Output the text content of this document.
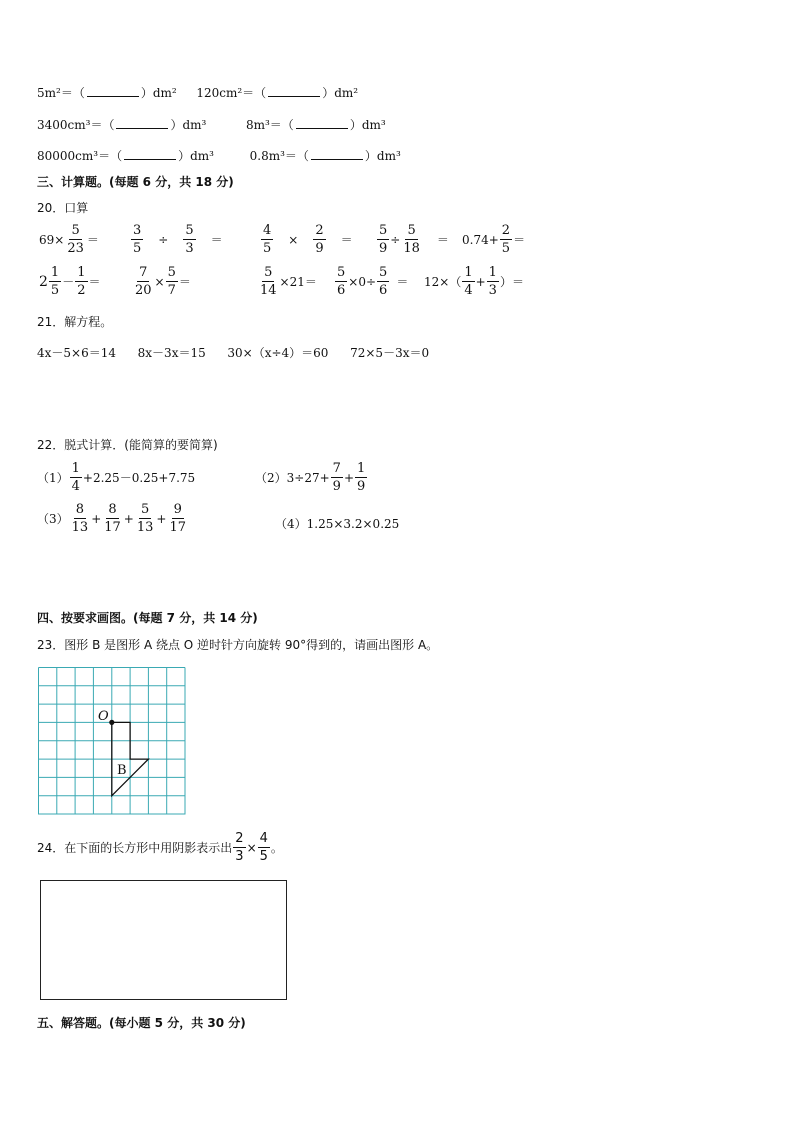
5m²＝（	）dm² 120cm²＝（	）dm²
3400cm³＝（	）dm³	8m³＝（	）dm³
80000cm³＝（	）dm³	0.8m³＝（	）dm³
三、计算题。(每题 6 分，共 18 分)
20．口算
$69\times \frac{5}{23} = \frac{3}{5} \div \frac{5}{3}$ ＝	$\frac{4}{5} \times \frac{2}{9} = \frac{5}{9} \div \frac{5}{18} = 0.74+ \frac{2}{5}$ ＝
$2 \frac{1}{5} - \frac{1}{2} = \frac{7}{20} \times \frac{5}{7}$ ＝	$\frac{5}{14} \times 21= \frac{5}{6} \times 0\div \frac{5}{6} = 12\times( \frac{1}{4} + \frac{1}{3}$ ）＝
21．解方程。
4x－5×6＝14 8x－3x＝15 30×（x÷4）＝60 72×5－3x＝0
22．脱式计算．(能简算的要简算)
$(1) \frac{1}{4} +2.25-0.25+7.75$	（2） $3\div 27+ \frac{7}{9} + \frac{1}{9}$
$(3) \frac{8}{13} + \frac{8}{17} + \frac{5}{13} + \frac{9}{17}$	（4）1.25×3.2×0.25
四、按要求画图。(每题 7 分，共 14 分)
23．图形 B 是图形 A 绕点 O 逆时针方向旋转 90°得到的，请画出图形 A。
O
B
24．在下面的长方形中用阴影表示出 $\frac{2}{3} \times \frac{4}{5}$ 。
五、解答题。(每小题 5 分，共 30 分)
